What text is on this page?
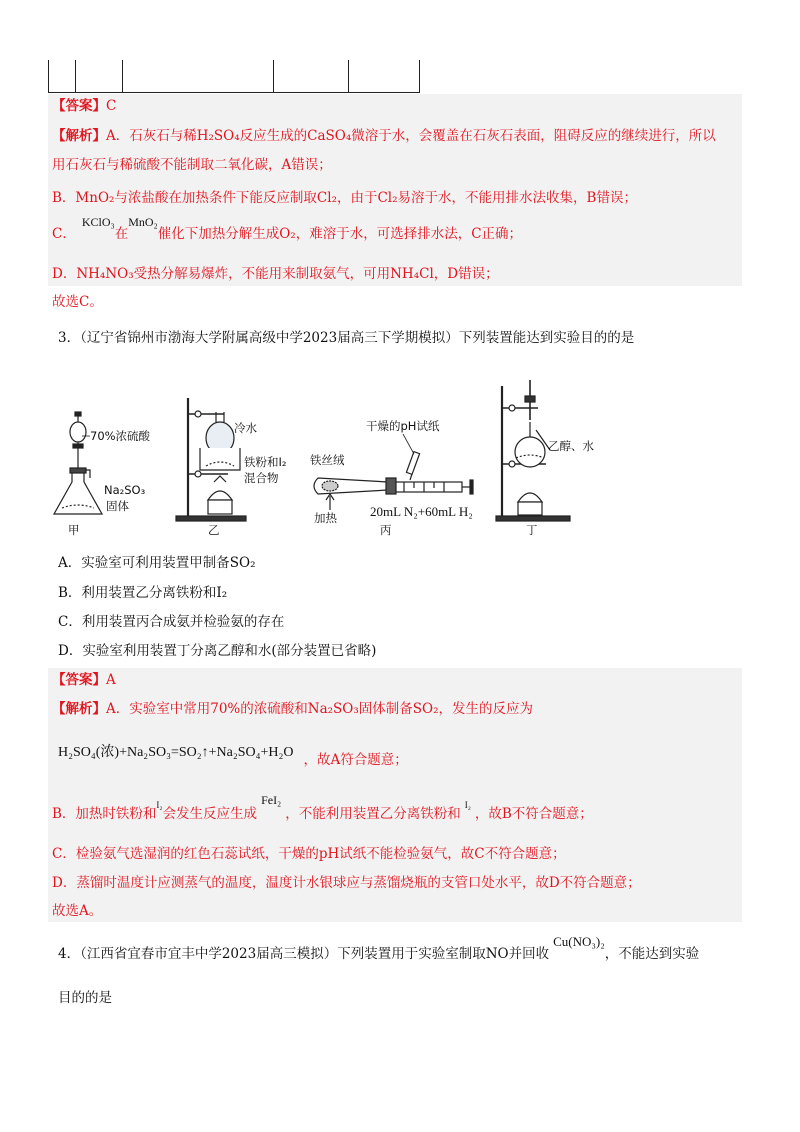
【答案】C
【解析】A．石灰石与稀H₂SO₄反应生成的CaSO₄微溶于水，会覆盖在石灰石表面，阻碍反应的继续进行，所以
用石灰石与稀硫酸不能制取二氧化碳，A错误；
B．MnO₂与浓盐酸在加热条件下能反应制取Cl₂，由于Cl₂易溶于水，不能用排水法收集，B错误；
C．KClO₃在MnO₂催化下加热分解生成O₂，难溶于水，可选择排水法，C正确；
D．NH₄NO₃受热分解易爆炸，不能用来制取氨气，可用NH₄Cl，D错误；
故选C。
3．（辽宁省锦州市渤海大学附属高级中学2023届高三下学期模拟）下列装置能达到实验目的的是
70%浓硫酸
Na₂SO₃
固体
甲
冷水
铁粉和I₂
混合物
乙
干燥的pH试纸
铁丝绒
加热	20mL N₂+60mL H₂
丙
乙醇、水
丁
A．实验室可利用装置甲制备SO₂
B．利用装置乙分离铁粉和I₂
C．利用装置丙合成氨并检验氨的存在
D．实验室利用装置丁分离乙醇和水(部分装置已省略)
【答案】A
【解析】A．实验室中常用70%的浓硫酸和Na₂SO₃固体制备SO₂，发生的反应为
H₂SO₄(浓)+Na₂SO₃=SO₂↑+Na₂SO₄+H₂O ，故A符合题意；
B．加热时铁粉和$^{I_2}$会发生反应生成FeI₂，不能利用装置乙分离铁粉和$^{I_2}$，故B不符合题意；
C．检验氨气选湿润的红色石蕊试纸，干燥的pH试纸不能检验氨气，故C不符合题意；
D．蒸馏时温度计应测蒸气的温度，温度计水银球应与蒸馏烧瓶的支管口处水平，故D不符合题意；
故选A。
4．（江西省宜春市宜丰中学2023届高三模拟）下列装置用于实验室制取NO并回收Cu(NO₃)₂，不能达到实验
目的的是
